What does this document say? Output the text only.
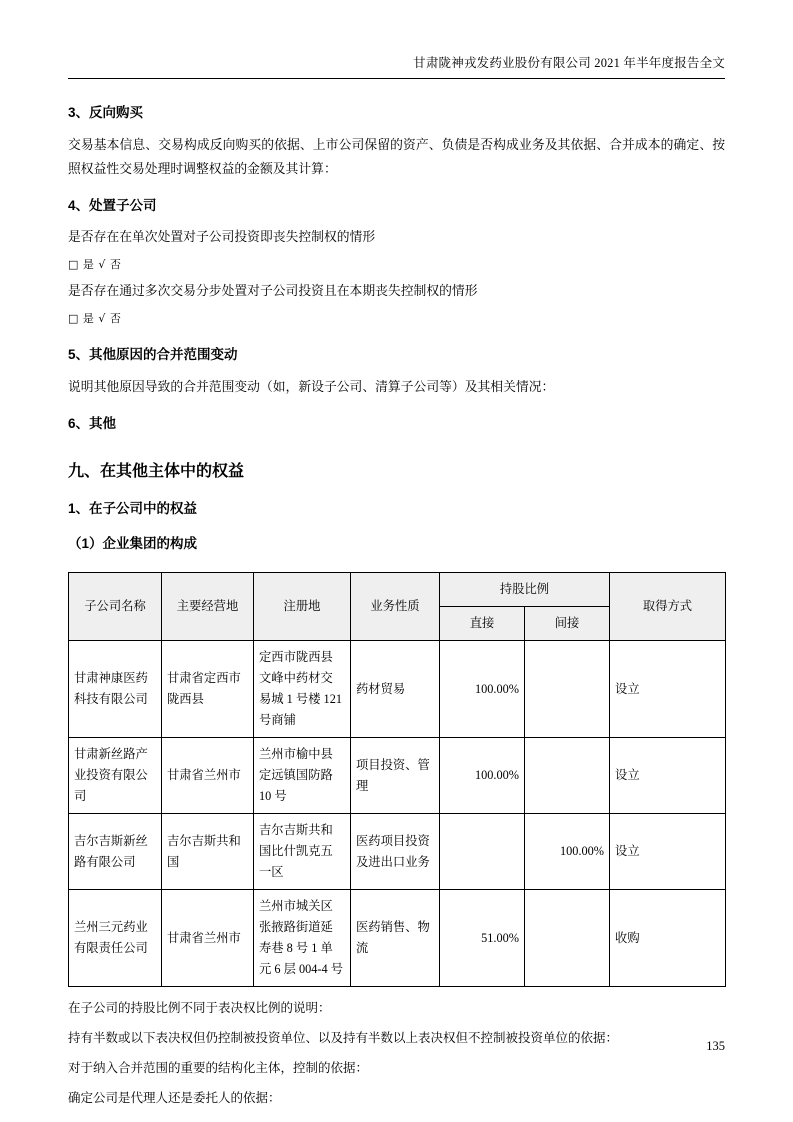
甘肃陇神戎发药业股份有限公司 2021 年半年度报告全文
3、反向购买

交易基本信息、交易构成反向购买的依据、上市公司保留的资产、负债是否构成业务及其依据、合并成本的确定、按照权益性交易处理时调整权益的金额及其计算：

4、处置子公司

是否存在在单次处置对子公司投资即丧失控制权的情形

□ 是 √ 否

是否存在通过多次交易分步处置对子公司投资且在本期丧失控制权的情形

□ 是 √ 否

5、其他原因的合并范围变动

说明其他原因导致的合并范围变动（如，新设子公司、清算子公司等）及其相关情况：

6、其他
九、在其他主体中的权益
1、在子公司中的权益
（1）企业集团的构成
子公司名称	主要经营地	注册地	业务性质	持股比例		取得方式
				直接	间接	
甘肃神康医药科技有限公司	甘肃省定西市陇西县	定西市陇西县文峰中药材交易城 1 号楼 121 号商铺	药材贸易	100.00%		设立
甘肃新丝路产业投资有限公司	甘肃省兰州市	兰州市榆中县定远镇国防路 10 号	项目投资、管理	100.00%		设立
吉尔吉斯新丝路有限公司	吉尔吉斯共和国	吉尔吉斯共和国比什凯克五一区	医药项目投资及进出口业务		100.00%	设立
兰州三元药业有限责任公司	甘肃省兰州市	兰州市城关区张掖路街道延寿巷 8 号 1 单元 6 层 004-4 号	医药销售、物流	51.00%		收购

在子公司的持股比例不同于表决权比例的说明：

持有半数或以下表决权但仍控制被投资单位、以及持有半数以上表决权但不控制被投资单位的依据：

对于纳入合并范围的重要的结构化主体，控制的依据：

确定公司是代理人还是委托人的依据：

135
